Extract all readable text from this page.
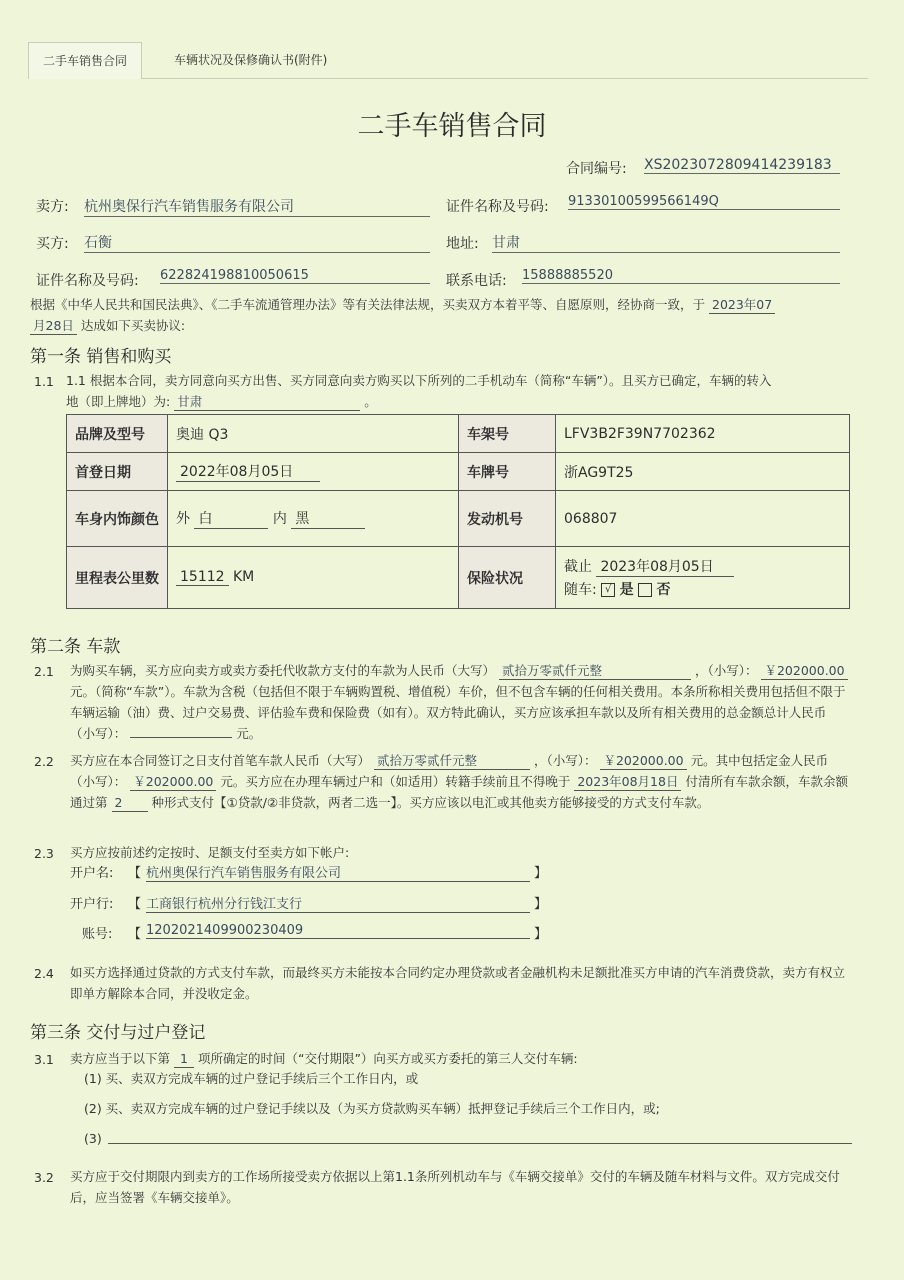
二手车销售合同	车辆状况及保修确认书(附件)
二手车销售合同
合同编号: XS2023072809414239183
卖方: 杭州奥保行汽车销售服务有限公司	证件名称及号码: 91330100599566149Q
买方: 石衡	地址: 甘肃
证件名称及号码: 622824198810050615	联系电话: 15888885520
根据《中华人民共和国民法典》、《二手车流通管理办法》等有关法律法规，买卖双方本着平等、自愿原则，经协商一致，于 2023年07
月28日 达成如下买卖协议:
第一条 销售和购买
1.1 1.1 根据本合同，卖方同意向买方出售、买方同意向卖方购买以下所列的二手机动车（简称“车辆”）。且买方已确定，车辆的转入
地（即上牌地）为: 甘肃	。
品牌及型号	奥迪 Q3	车架号	LFV3B2F39N7702362
首登日期	2022年08月05日	车牌号	浙AG9T25
车身内饰颜色	外 白 内 黑	发动机号	068807
里程表公里数	15112 KM	保险状况	截止 2023年08月05日
随车: √ 是 否
第二条 车款
2.1 为购买车辆，买方应向卖方或卖方委托代收款方支付的车款为人民币（大写） 贰拾万零贰仟元整	，（小写）： ￥202000.00 元。（简称“车款”）。车款为含税（包括但不限于车辆购置税、增值税）车价，但不包含车辆的任何相关费用。本条所称相关费用包括但不限于车辆运输（油）费、过户交易费、评估验车费和保险费（如有）。双方特此确认，买方应该承担车款以及所有相关费用的总金额总计人民币（小写）：	元。
2.2 买方应在本合同签订之日支付首笔车款人民币（大写） 贰拾万零贰仟元整	，（小写）： ￥202000.00 元。其中包括定金人民币（小写）： ￥202000.00 元。买方应在办理车辆过户和（如适用）转籍手续前且不得晚于 2023年08月18日 付清所有车款余额，车款余额通过第 2 种形式支付【①贷款/②非贷款，两者二选一】。买方应该以电汇或其他卖方能够接受的方式支付车款。
2.3 买方应按前述约定按时、足额支付至卖方如下帐户:
开户名: 【 杭州奥保行汽车销售服务有限公司	】
开户行: 【 工商银行杭州分行钱江支行	】
账号: 【 1202021409900230409	】
2.4 如买方选择通过贷款的方式支付车款，而最终买方未能按本合同约定办理贷款或者金融机构未足额批准买方申请的汽车消费贷款，卖方有权立即单方解除本合同，并没收定金。
第三条 交付与过户登记
3.1 卖方应当于以下第 1 项所确定的时间（“交付期限”）向买方或买方委托的第三人交付车辆:
(1) 买、卖双方完成车辆的过户登记手续后三个工作日内，或
(2) 买、卖双方完成车辆的过户登记手续以及（为买方贷款购买车辆）抵押登记手续后三个工作日内，或;
(3)
3.2 买方应于交付期限内到卖方的工作场所接受卖方依据以上第1.1条所列机动车与《车辆交接单》交付的车辆及随车材料与文件。双方完成交付后，应当签署《车辆交接单》。
